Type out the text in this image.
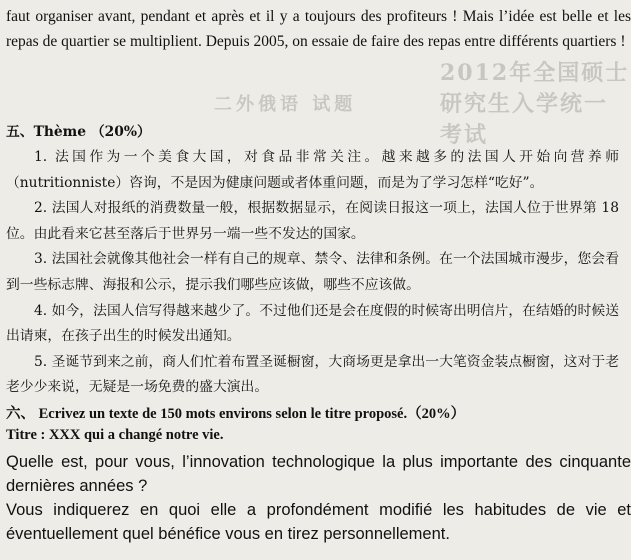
2012年全国硕士研究生入学统一考试
二外俄语 试题

faut organiser avant, pendant et après et il y a toujours des profiteurs ! Mais l’idée est belle et les repas de quartier se multiplient. Depuis 2005, on essaie de faire des repas entre différents quartiers !

五、Thème （20%）

1. 法国作为一个美食大国，对食品非常关注。越来越多的法国人开始向营养师（nutritionniste）咨询，不是因为健康问题或者体重问题，而是为了学习怎样“吃好”。

2. 法国人对报纸的消费数量一般，根据数据显示，在阅读日报这一项上，法国人位于世界第 18 位。由此看来它甚至落后于世界另一端一些不发达的国家。

3. 法国社会就像其他社会一样有自己的规章、禁令、法律和条例。在一个法国城市漫步，您会看到一些标志牌、海报和公示，提示我们哪些应该做，哪些不应该做。

4. 如今，法国人信写得越来越少了。不过他们还是会在度假的时候寄出明信片，在结婚的时候送出请柬，在孩子出生的时候发出通知。

5. 圣诞节到来之前，商人们忙着布置圣诞橱窗，大商场更是拿出一大笔资金装点橱窗，这对于老老少少来说，无疑是一场免费的盛大演出。

六、 Ecrivez un texte de 150 mots environs selon le titre proposé.（20%）
Titre : XXX qui a changé notre vie.

Quelle est, pour vous, l’innovation technologique la plus importante des cinquante dernières années ?

Vous indiquerez en quoi elle a profondément modifié les habitudes de vie et éventuellement quel bénéfice vous en tirez personnellement.
